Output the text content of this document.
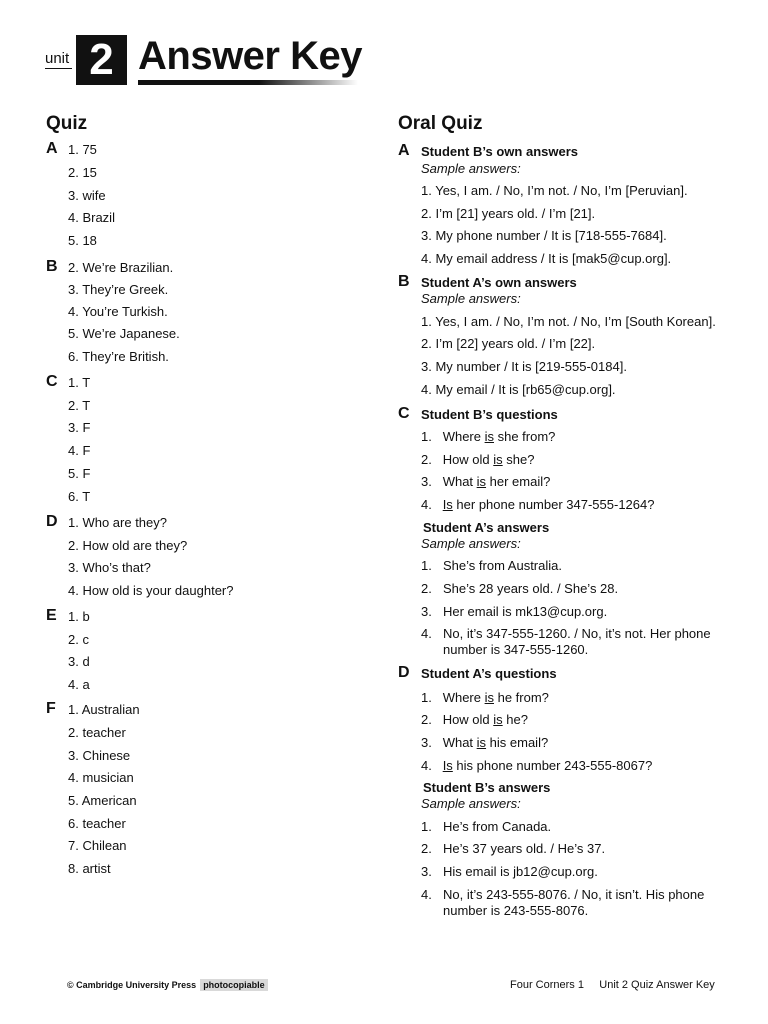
unit 2 Answer Key
Quiz
A 1. 75
2. 15
3. wife
4. Brazil
5. 18
B 2. We’re Brazilian.
3. They’re Greek.
4. You’re Turkish.
5. We’re Japanese.
6. They’re British.
C 1. T
2. T
3. F
4. F
5. F
6. T
D 1. Who are they?
2. How old are they?
3. Who’s that?
4. How old is your daughter?
E 1. b
2. c
3. d
4. a
F 1. Australian
2. teacher
3. Chinese
4. musician
5. American
6. teacher
7. Chilean
8. artist
Oral Quiz
A Student B’s own answers
Sample answers:
1. Yes, I am. / No, I’m not. / No, I’m [Peruvian].
2. I’m [21] years old. / I’m [21].
3. My phone number / It is [718-555-7684].
4. My email address / It is [mak5@cup.org].
B Student A’s own answers
Sample answers:
1. Yes, I am. / No, I’m not. / No, I’m [South Korean].
2. I’m [22] years old. / I’m [22].
3. My number / It is [219-555-0184].
4. My email / It is [rb65@cup.org].
C Student B’s questions
1. Where is she from?
2. How old is she?
3. What is her email?
4. Is her phone number 347-555-1264?
Student A’s answers
Sample answers:
1. She’s from Australia.
2. She’s 28 years old. / She’s 28.
3. Her email is mk13@cup.org.
4. No, it’s 347-555-1260. / No, it’s not. Her phone number is 347-555-1260.
D Student A’s questions
1. Where is he from?
2. How old is he?
3. What is his email?
4. Is his phone number 243-555-8067?
Student B’s answers
Sample answers:
1. He’s from Canada.
2. He’s 37 years old. / He’s 37.
3. His email is jb12@cup.org.
4. No, it’s 243-555-8076. / No, it isn’t. His phone number is 243-555-8076.
© Cambridge University Press photocopiable	Four Corners 1     Unit 2 Quiz Answer Key
